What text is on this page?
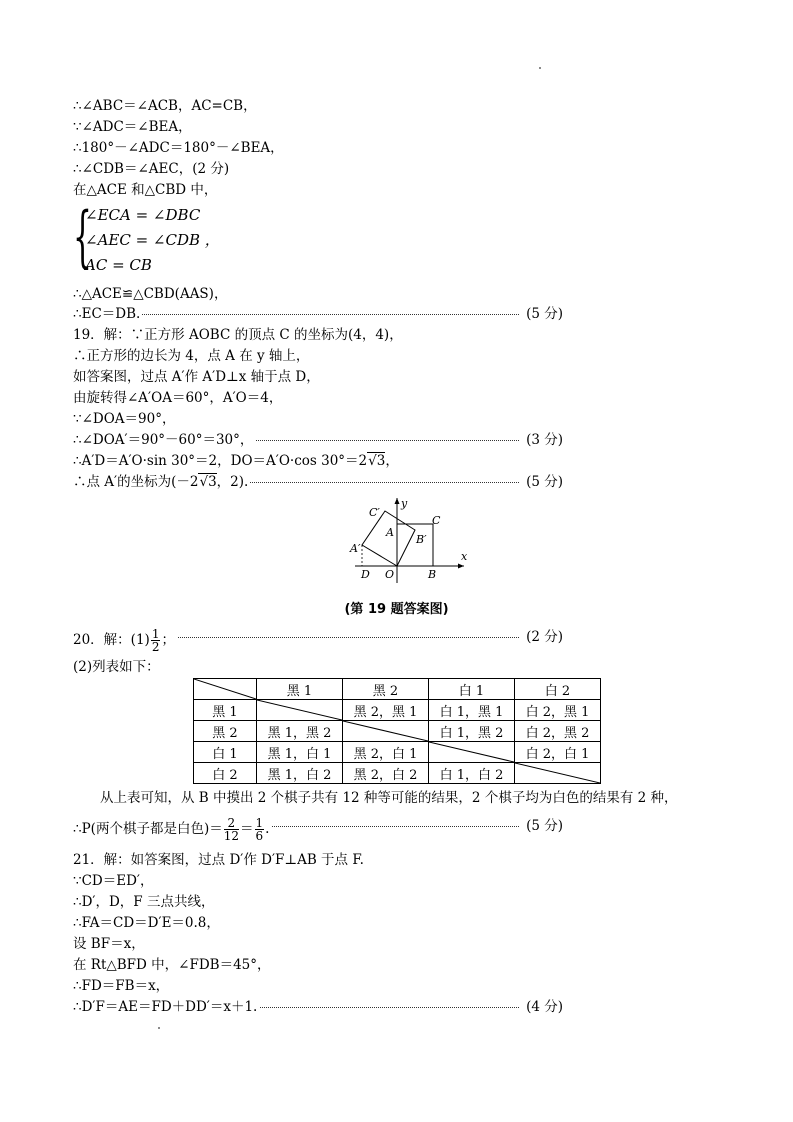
∴∠ABC＝∠ACB，AC=CB，
∵∠ADC＝∠BEA，
∴180°－∠ADC＝180°－∠BEA，
∴∠CDB＝∠AEC，(2 分)
在△ACE 和△CBD 中，
{
∠ECA = ∠DBC
∠AEC = ∠CDB ，
AC = CB
∴△ACE≌△CBD(AAS)，
∴EC＝DB.	(5 分)
19．解：∵正方形 AOBC 的顶点 C 的坐标为(4，4)，
∴正方形的边长为 4，点 A 在 y 轴上，
如答案图，过点 A′作 A′D⊥x 轴于点 D，
由旋转得∠A′OA＝60°，A′O＝4，
∵∠DOA＝90°，
∴∠DOA′＝90°－60°＝30°，	(3 分)
∴A′D＝A′O·sin 30°＝2，DO＝A′O·cos 30°＝2√3，
∴点 A′的坐标为(－2√3，2).	(5 分)
C′
y
C
A
B′
A′
x
D O	B
(第 19 题答案图)
20．解：$(1) \frac{1}{2}$ ；	(2 分)
(2)列表如下：
	黑 1	黑 2	白 1	白 2
黑 1		黑 2，黑 1	白 1，黑 1	白 2，黑 1
黑 2	黑 1，黑 2		白 1，黑 2	白 2，黑 2
白 1	黑 1，白 1	黑 2，白 1		白 2，白 1
白 2	黑 1，白 2	黑 2，白 2	白 1，白 2	
从上表可知，从 B 中摸出 2 个棋子共有 12 种等可能的结果，2 个棋子均为白色的结果有 2 种，
∴P(两个棋子都是白色)＝ $\frac{2}{12} = \frac{1}{6}$ .	(5 分)
21．解：如答案图，过点 D′作 D′F⊥AB 于点 F.
∵CD＝ED′，
∴D′，D，F 三点共线，
∴FA＝CD＝D′E＝0.8，
设 BF＝x，
在 Rt△BFD 中，∠FDB＝45°，
∴FD＝FB＝x，
∴D′F＝AE＝FD＋DD′＝x＋1.	(4 分)
